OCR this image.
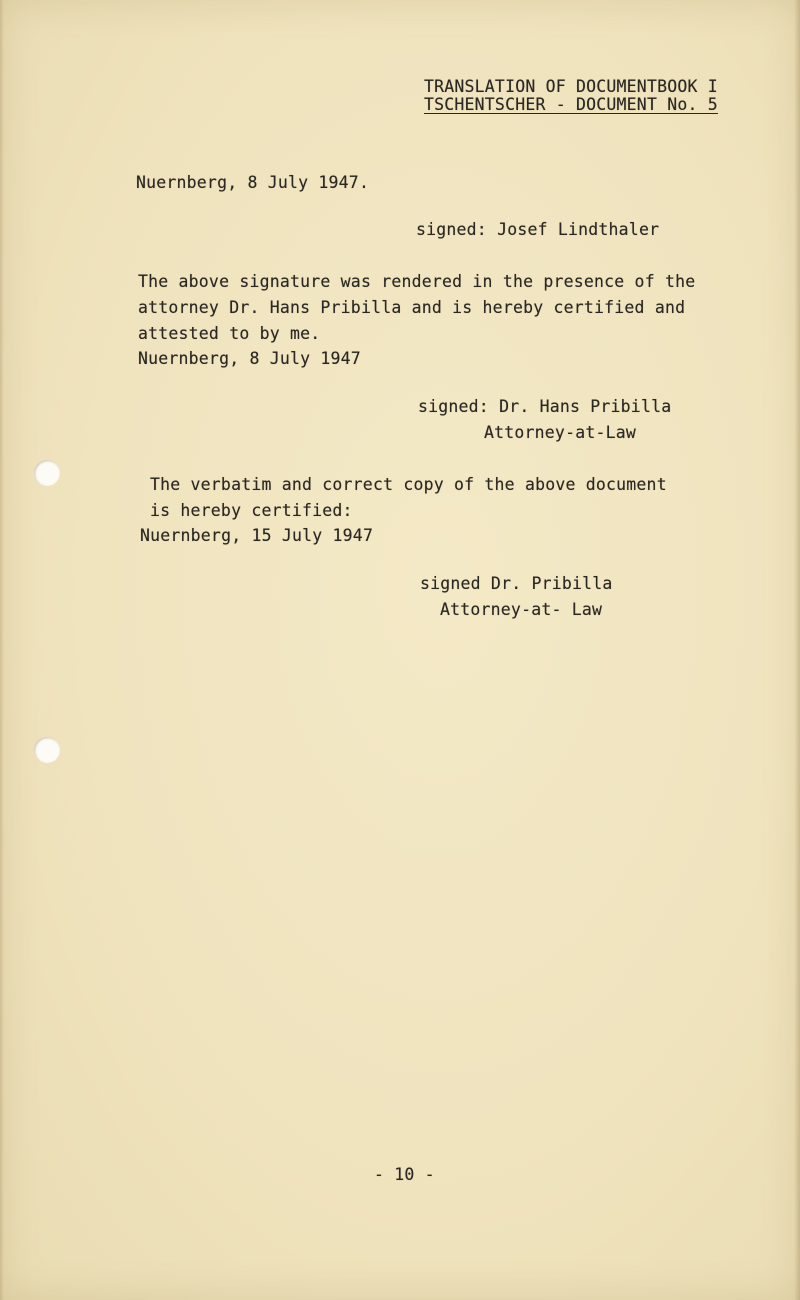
TRANSLATION OF DOCUMENTBOOK I
TSCHENTSCHER - DOCUMENT No. 5
Nuernberg, 8 July 1947.
signed: Josef Lindthaler
The above signature was rendered in the presence of the
attorney Dr. Hans Pribilla and is hereby certified and
attested to by me.
Nuernberg, 8 July 1947
signed: Dr. Hans Pribilla
Attorney-at-Law
The verbatim and correct copy of the above document
is hereby certified:
Nuernberg, 15 July 1947
signed Dr. Pribilla
Attorney-at- Law
- 10 -
